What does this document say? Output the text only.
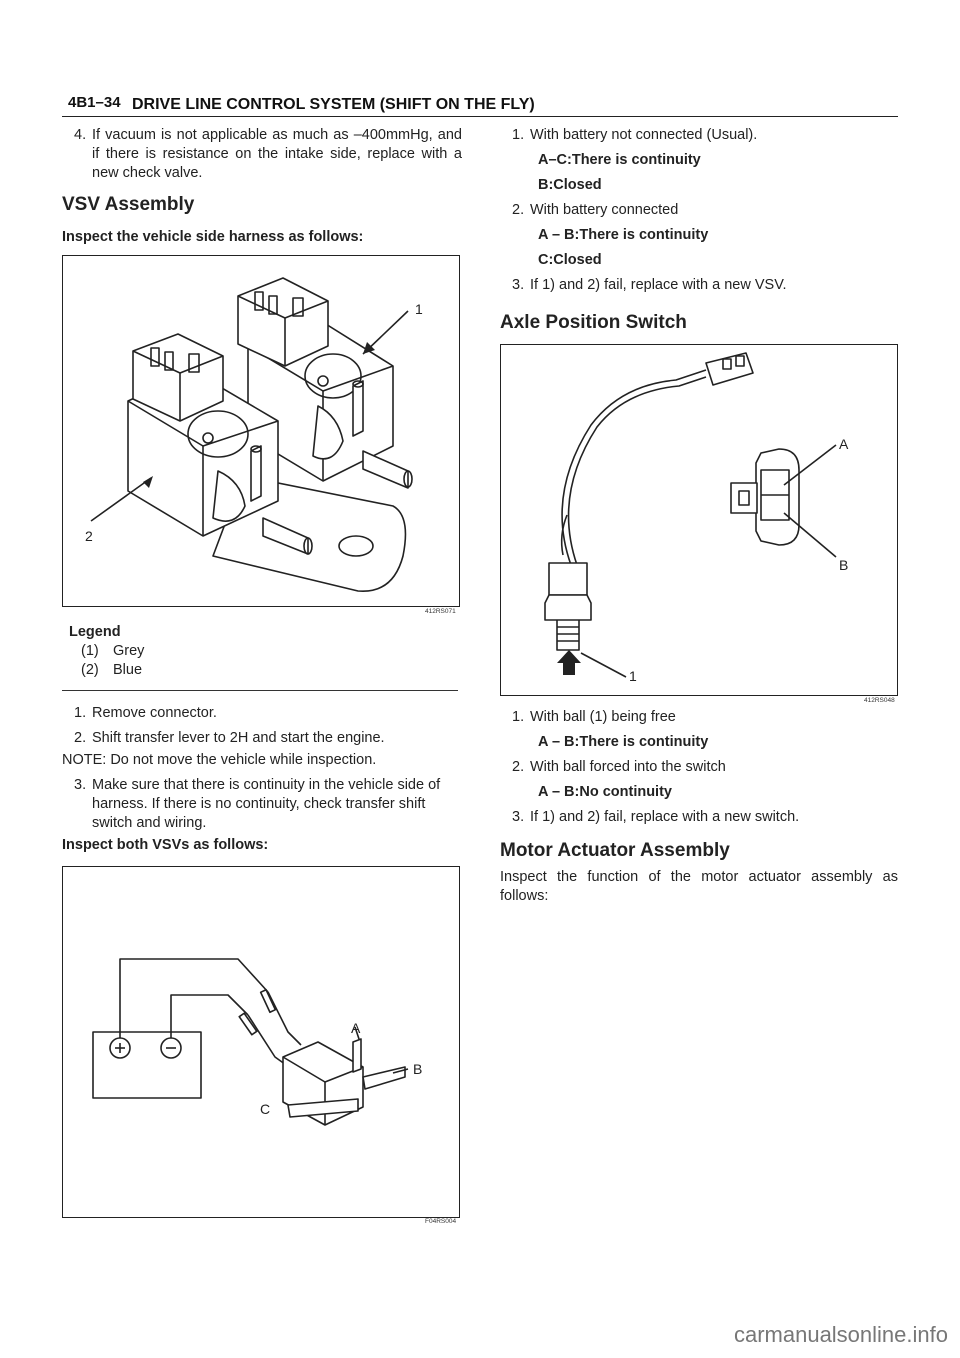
4B1–34 DRIVE LINE CONTROL SYSTEM (SHIFT ON THE FLY)
4. If vacuum is not applicable as much as –400mmHg, and if there is resistance on the intake side, replace with a new check valve.
VSV Assembly
Inspect the vehicle side harness as follows:
1
2
412RS071
Legend
(1) Grey
(2) Blue
1. Remove connector.
2. Shift transfer lever to 2H and start the engine.
NOTE: Do not move the vehicle while inspection.
3. Make sure that there is continuity in the vehicle side of harness. If there is no continuity, check transfer shift switch and wiring.
Inspect both VSVs as follows:
A
B
C
F04RS004
1. With battery not connected (Usual).
A–C:There is continuity
B:Closed
2. With battery connected
A – B:There is continuity
C:Closed
3. If 1) and 2) fail, replace with a new VSV.
Axle Position Switch
A
B
1
412RS048
1. With ball (1) being free
A – B:There is continuity
2. With ball forced into the switch
A – B:No continuity
3. If 1) and 2) fail, replace with a new switch.
Motor Actuator Assembly
Inspect the function of the motor actuator assembly as follows:
carmanualsonline.info
